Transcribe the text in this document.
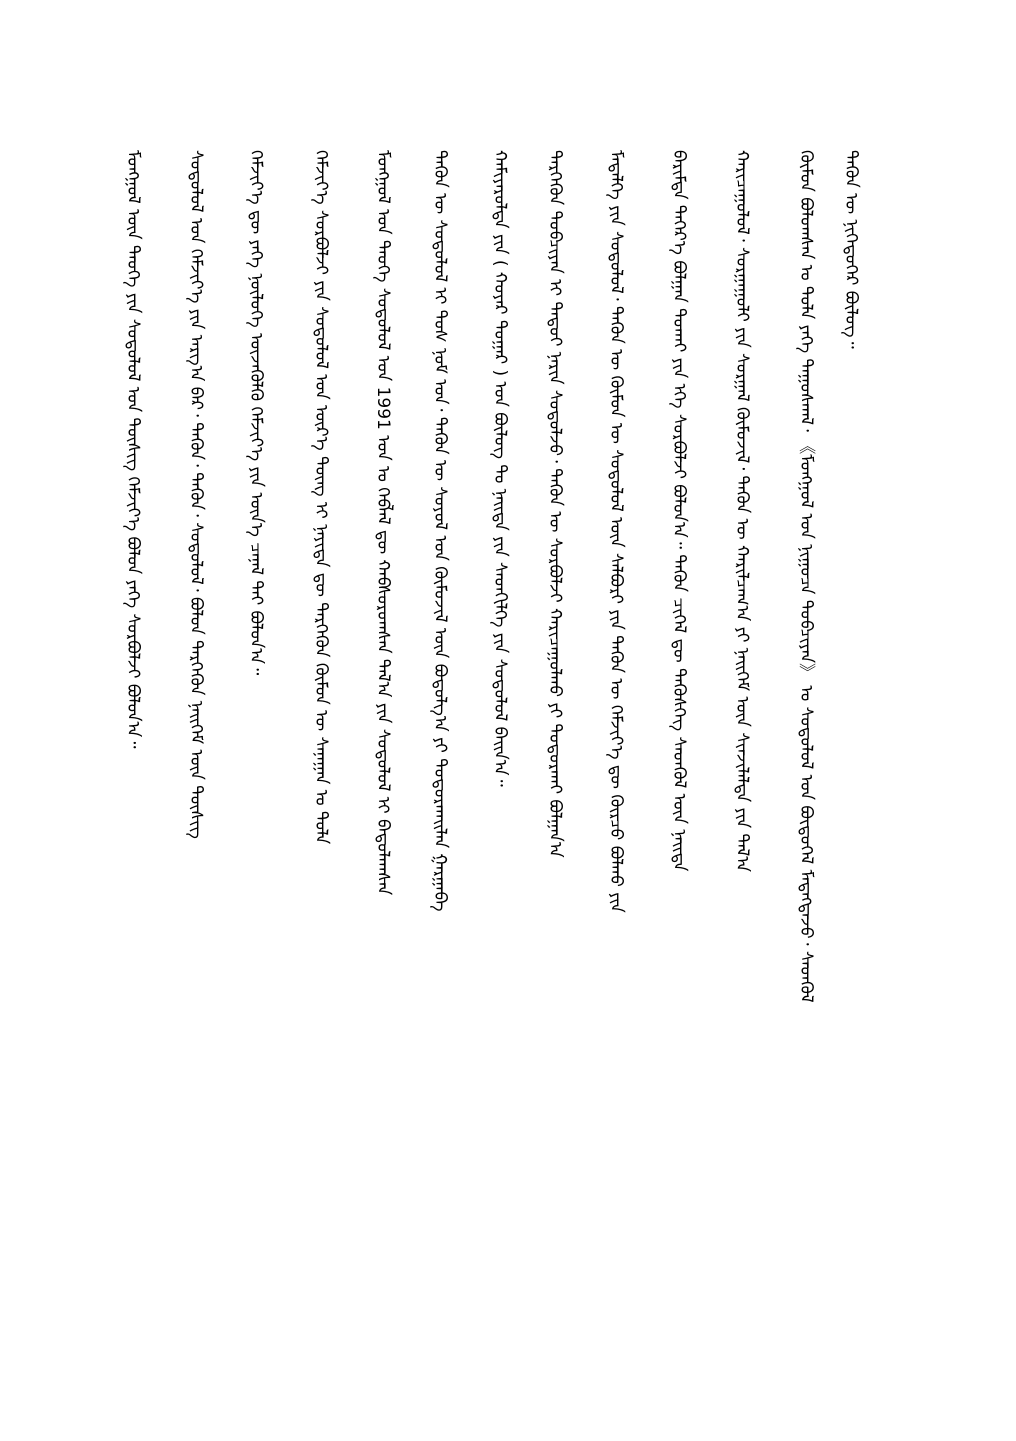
ᠲᠡᠭᠦᠨ ᠦ ᠨᠢᠭᠡᠳᠦᠭᠡᠷ ᠪᠦᠯᠦᠭ᠃
ᠬᠦᠮᠦᠨ ᠪᠣᠯᠤᠭᠰᠠᠨ ᠤ ᠲᠤᠯᠠ ᠶᠡᠬᠡ ᠳᠠᠭᠤᠰᠬᠠᠯ᠂ 《ᠮᠣᠩᠭᠣᠯ ᠤᠨ ᠨᠢᠭᠤᠴᠠ ᠲᠣᠪᠴᠢᠶᠠᠨ》 ᠤ ᠰᠤᠳᠤᠯᠤᠯ ᠤᠨ ᠪᠦᠲᠦᠭᠡᠯ ᠮᠡᠳᠡᠭᠳᠡᠵᠦ᠂ ᠰᠡᠳᠬᠦᠯ
ᠬᠠᠷᠢᠴᠠᠭᠤᠯᠤᠯ᠂ ᠰᠤᠷᠭᠠᠭᠤᠯᠢ ᠶᠢᠨ ᠰᠤᠷᠭᠠᠯ ᠬᠦᠮᠦᠵᠢᠯ᠂ ᠲᠡᠭᠦᠨ ᠦ ᠬᠠᠷᠢᠯᠴᠠᠭ᠎ᠠ ᠶᠢ ᠨᠡᠢᠭᠡᠮ ᠦᠨ ᠰᠢᠨᠵᠢᠯᠡᠯᠲᠡ ᠶᠢᠨ ᠲᠠᠯ᠎ᠠ
ᠪᠠᠷᠢᠮᠲᠠ ᠳᠡᠭᠡᠷ᠎ᠡ ᠪᠣᠯᠭᠠᠨ ᠲᠤᠬᠠᠢ ᠶᠢᠨ ᠡᠬᠡ ᠰᠤᠷᠪᠤᠯᠵᠢ ᠪᠣᠯᠤᠨ᠎ᠠ᠃ ᠲᠡᠭᠦᠨ ᠴᠢᠭᠡᠯ ᠳᠦ ᠲᠡᠭᠦᠰᠬᠡᠭ ᠰᠡᠳᠬᠦᠯ ᠦᠨ ᠨᠡᠢᠲᠡ
ᠮᠡᠳᠡᠯᠭᠡ ᠶᠢᠨ ᠰᠤᠳᠤᠯᠤᠯ᠂ ᠲᠡᠭᠦᠨ ᠦ ᠬᠦᠮᠦᠨ ᠦ ᠰᠤᠳᠤᠯᠤᠯ ᠦᠨ ᠰᠠᠯᠪᠤᠷᠢ ᠶᠢᠨ ᠲᠡᠭᠦᠨ ᠦ ᠬᠡᠮᠵᠢᠶ᠎ᠡ ᠳᠦ ᠬᠦᠷᠴᠦ ᠪᠣᠯᠬᠤ ᠶᠢᠨ
ᠲᠡᠷᠭᠡᠭᠦᠨ ᠲᠣᠪᠴᠢᠶᠠᠨ ᠢ ᠲᠡᠳᠦᠢ ᠨᠠᠷᠢᠨ ᠰᠤᠳᠤᠯᠵᠤ᠂ ᠲᠡᠭᠦᠨ ᠦ ᠰᠤᠷᠪᠤᠯᠵᠢ ᠬᠠᠷᠢᠴᠠᠭᠤᠯᠬᠤ ᠶᠢ ᠲᠣᠳᠣᠷᠬᠠᠢ ᠪᠣᠯᠭᠠᠨ᠎ᠠ
ᠬᠠᠮᠢᠶᠠᠷᠤᠯᠲᠠ ᠶᠢᠨ ( ᠬᠣᠶᠠᠷ ᠳᠤᠭᠠᠷ ) ᠤᠨ ᠪᠦᠯᠦᠭ ᠲᠤ ᠨᠡᠢᠲᠡ ᠶᠢᠨ ᠰᠡᠳᠬᠢᠯᠭᠡ ᠶᠢᠨ ᠰᠤᠳᠤᠯᠤᠯ ᠪᠠᠢᠨ᠎ᠠ᠃
ᠲᠡᠭᠦᠨ ᠦ ᠰᠤᠳᠤᠯᠤᠯ ᠢ ᠲᠤᠰ ᠨᠣᠮ ᠤᠨ᠂ ᠲᠡᠭᠦᠨ ᠦ ᠰᠣᠶᠣᠯ ᠤᠨ ᠬᠦᠮᠦᠵᠢᠯ ᠦᠨ ᠪᠣᠳᠣᠯᠭ᠎ᠠ ᠶᠢ ᠲᠣᠳᠣᠷᠬᠠᠢᠯᠠᠨ ᠭᠠᠷᠭᠠᠪᠠ
ᠮᠣᠩᠭᠣᠯ ᠤᠨ ᠲᠡᠦᠬᠡ ᠰᠤᠳᠤᠯᠤᠯ ᠤᠨ 1991 ᠣᠨ ᠤ ᠬᠡᠪᠯᠡᠯ ᠳᠦ ᠬᠠᠪᠰᠤᠷᠤᠭᠰᠠᠨ ᠲᠠᠯ᠎ᠠ ᠶᠢᠨ ᠰᠤᠳᠤᠯᠤᠯ ᠢ ᠪᠠᠲᠤᠯᠠᠭᠰᠠᠨ
ᠬᠡᠮᠵᠢᠶ᠎ᠡ ᠰᠤᠷᠪᠤᠯᠵᠢ ᠶᠢᠨ ᠰᠤᠳᠤᠯᠤᠯ ᠤᠨ ᠦᠷ᠎ᠡ ᠳᠦᠩ ᠢ ᠨᠡᠶᠢᠲᠡ ᠳᠦ ᠲᠡᠷᠭᠡᠭᠦᠨ ᠬᠦᠮᠦᠨ ᠦ ᠰᠠᠨᠠᠭᠠᠨ ᠤ ᠲᠤᠯᠠ
ᠬᠡᠮᠵᠢᠶ᠎ᠡ ᠳᠦ ᠶᠡᠬᠡ ᠨᠦᠯᠦᠭᠡ ᠦᠵᠡᠭᠦᠯᠬᠦ ᠬᠡᠮᠵᠢᠶ᠎ᠡ ᠶᠢᠨ ᠦᠨ᠎ᠡ ᠴᠡᠨᠡᠯ ᠲᠡᠢ ᠪᠣᠯᠤᠨ᠎ᠠ᠃
ᠰᠤᠳᠤᠯᠤᠯ ᠤᠨ ᠬᠡᠮᠵᠢᠶ᠎ᠡ ᠶᠢᠨ ᠠᠷᠭ᠎ᠠ ᠪᠠᠷ᠂ ᠲᠡᠭᠦᠨ᠂ ᠲᠡᠭᠦᠨ᠂ ᠰᠤᠳᠤᠯᠤᠯ᠂ ᠪᠣᠯᠤᠨ ᠲᠡᠷᠭᠡᠭᠦᠨ ᠨᠡᠢᠭᠡᠮ ᠦᠨ ᠲᠦᠰᠢᠭ
ᠮᠣᠩᠭᠣᠯ ᠦᠨ ᠲᠡᠦᠬᠡ ᠶᠢᠨ ᠰᠤᠳᠤᠯᠤᠯ ᠤᠨ ᠲᠦᠰᠢᠭ ᠬᠡᠮᠵᠢᠶ᠎ᠡ ᠪᠣᠯᠤᠨ ᠶᠡᠬᠡ ᠰᠤᠷᠪᠤᠯᠵᠢ ᠪᠣᠯᠤᠨ᠎ᠠ᠃
